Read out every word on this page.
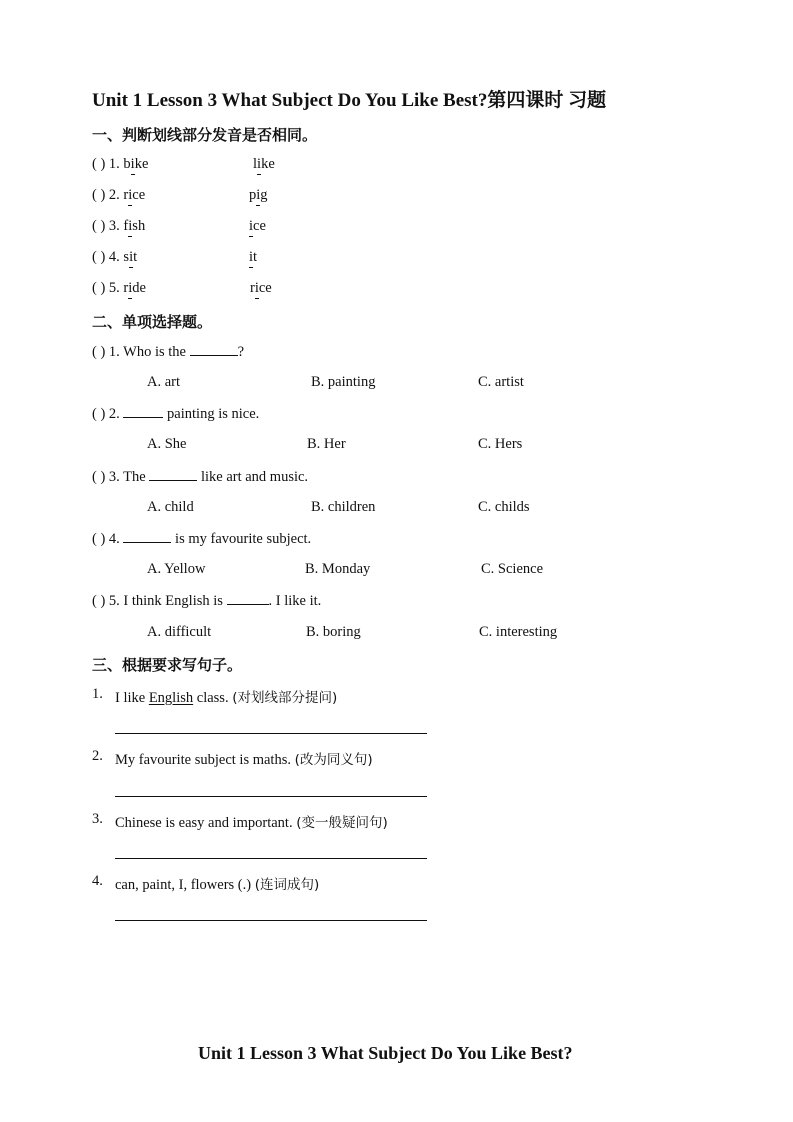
Unit 1 Lesson 3 What Subject Do You Like Best?第四课时 习题
一、判断划线部分发音是否相同。
( ) 1. bike	like
( ) 2. rice	pig
( ) 3. fish	ice
( ) 4. sit	it
( ) 5. ride	rice
二、单项选择题。
( ) 1. Who is the	?
A. art	B. painting	C. artist
( ) 2.	painting is nice.
A. She	B. Her	C. Hers
( ) 3. The	like art and music.
A. child	B. children	C. childs
( ) 4.	is my favourite subject.
A. Yellow	B. Monday	C. Science
( ) 5. I think English is	. I like it.
A. difficult	B. boring	C. interesting
三、根据要求写句子。
1. I like English class. (对划线部分提问)
2. My favourite subject is maths. (改为同义句)
3. Chinese is easy and important. (变一般疑问句)
4. can, paint, I, flowers (.) (连词成句)
Unit 1 Lesson 3 What Subject Do You Like Best?
